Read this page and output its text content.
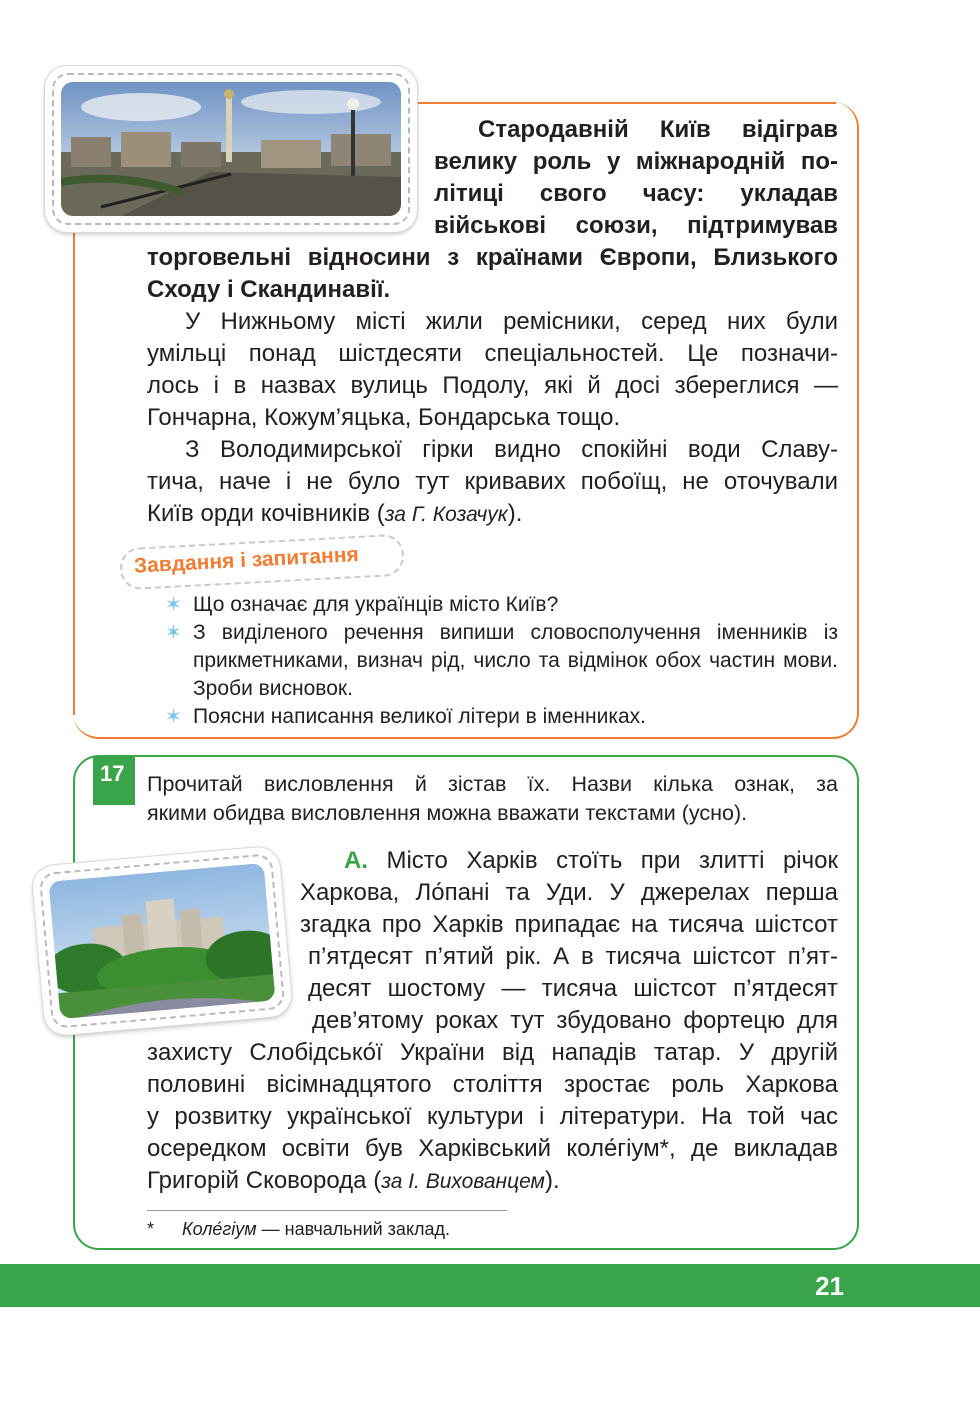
Стародавній Київ відіграв
велику роль у міжнародній по-
літиці свого часу: укладав
військові союзи, підтримував
торговельні відносини з країнами Європи, Близького
Сходу і Скандинавії.
У Нижньому місті жили ремісники, серед них були
умільці понад шістдесяти спеціальностей. Це позначи-
лось і в назвах вулиць Подолу, які й досі збереглися —
Гончарна, Кожум’яцька, Бондарська тощо.
З Володимирської гірки видно спокійні води Славу-
тича, наче і не було тут кривавих побоїщ, не оточували
Київ орди кочівників (за Г. Козачук).
Завдання і запитання
✶ Що означає для українців місто Київ?
✶ З виділеного речення випиши словосполучення іменників із прикметниками, визнач рід, число та відмінок обох частин мови. Зроби висновок.
✶ Поясни написання великої літери в іменниках.
17 Прочитай висловлення й зістав їх. Назви кілька ознак, за
якими обидва висловлення можна вважати текстами (усно).
А. Місто Харків стоїть при злитті річок
Харкова, Ло́пані та Уди. У джерелах перша
згадка про Харків припадає на тисяча шістсот
п’ятдесят п’ятий рік. А в тисяча шістсот п’ят-
десят шостому — тисяча шістсот п’ятдесят
дев’ятому роках тут збудовано фортецю для
захисту Слобідсько́ї України від нападів татар. У другій
половині вісімнадцятого століття зростає роль Харкова
у розвитку української культури і літератури. На той час
осередком освіти був Харківський коле́гіум*, де викладав
Григорій Сковорода (за І. Вихованцем).
* Коле́гіум — навчальний заклад.
21
